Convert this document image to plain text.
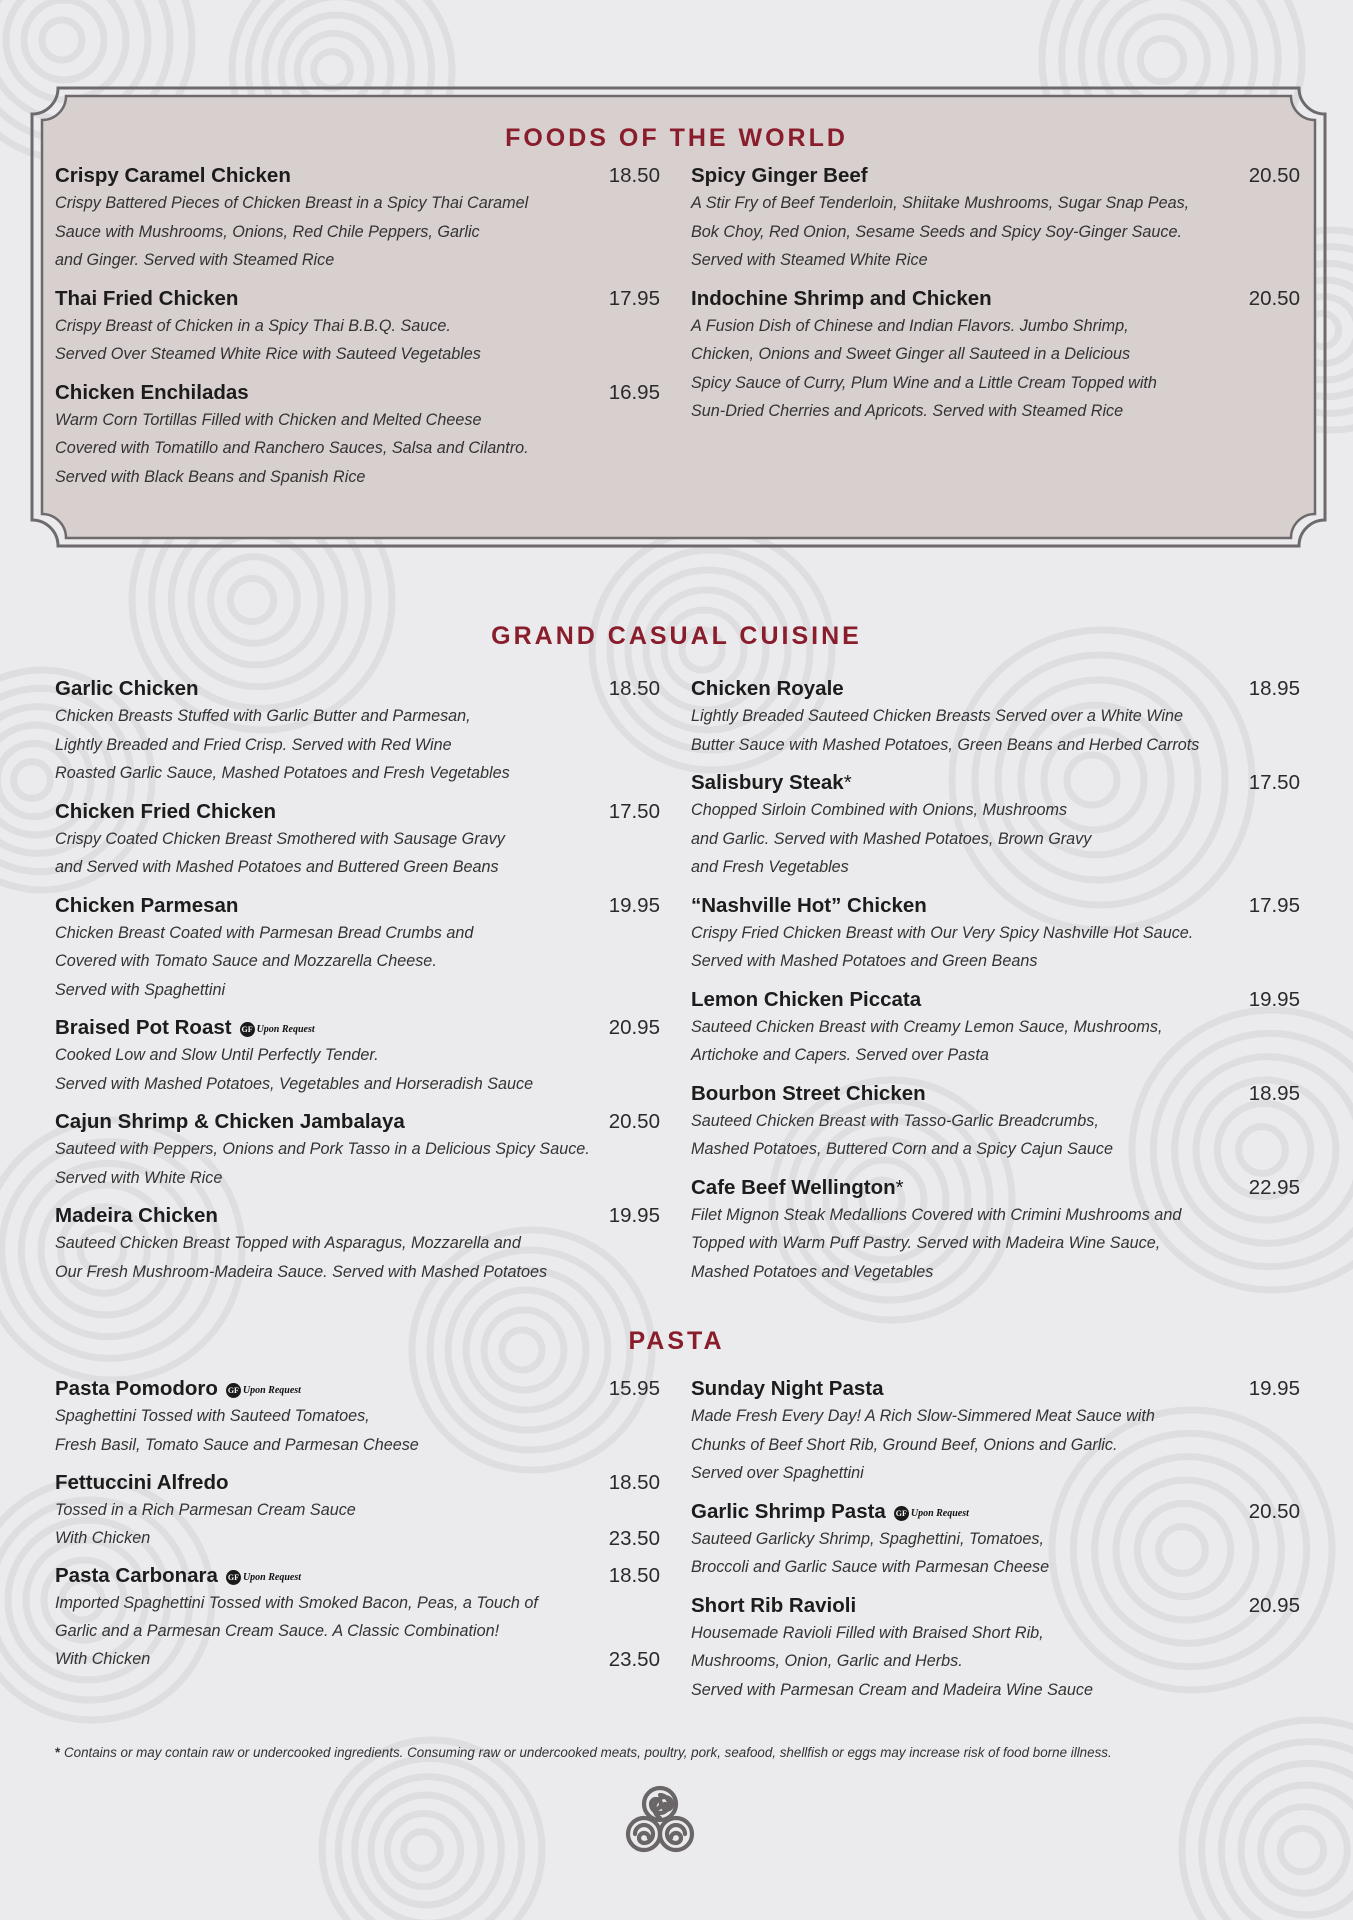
FOODS OF THE WORLD
Crispy Caramel Chicken	18.50
Crispy Battered Pieces of Chicken Breast in a Spicy Thai Caramel
Sauce with Mushrooms, Onions, Red Chile Peppers, Garlic
and Ginger. Served with Steamed Rice
Thai Fried Chicken	17.95
Crispy Breast of Chicken in a Spicy Thai B.B.Q. Sauce.
Served Over Steamed White Rice with Sauteed Vegetables
Chicken Enchiladas	16.95
Warm Corn Tortillas Filled with Chicken and Melted Cheese
Covered with Tomatillo and Ranchero Sauces, Salsa and Cilantro.
Served with Black Beans and Spanish Rice
Spicy Ginger Beef	20.50
A Stir Fry of Beef Tenderloin, Shiitake Mushrooms, Sugar Snap Peas,
Bok Choy, Red Onion, Sesame Seeds and Spicy Soy-Ginger Sauce.
Served with Steamed White Rice
Indochine Shrimp and Chicken	20.50
A Fusion Dish of Chinese and Indian Flavors. Jumbo Shrimp,
Chicken, Onions and Sweet Ginger all Sauteed in a Delicious
Spicy Sauce of Curry, Plum Wine and a Little Cream Topped with
Sun-Dried Cherries and Apricots. Served with Steamed Rice
GRAND CASUAL CUISINE
Garlic Chicken	18.50
Chicken Breasts Stuffed with Garlic Butter and Parmesan,
Lightly Breaded and Fried Crisp. Served with Red Wine
Roasted Garlic Sauce, Mashed Potatoes and Fresh Vegetables
Chicken Fried Chicken	17.50
Crispy Coated Chicken Breast Smothered with Sausage Gravy
and Served with Mashed Potatoes and Buttered Green Beans
Chicken Parmesan	19.95
Chicken Breast Coated with Parmesan Bread Crumbs and
Covered with Tomato Sauce and Mozzarella Cheese.
Served with Spaghettini
Braised Pot Roast GF Upon Request	20.95
Cooked Low and Slow Until Perfectly Tender.
Served with Mashed Potatoes, Vegetables and Horseradish Sauce
Cajun Shrimp & Chicken Jambalaya	20.50
Sauteed with Peppers, Onions and Pork Tasso in a Delicious Spicy Sauce.
Served with White Rice
Madeira Chicken	19.95
Sauteed Chicken Breast Topped with Asparagus, Mozzarella and
Our Fresh Mushroom-Madeira Sauce. Served with Mashed Potatoes
Chicken Royale	18.95
Lightly Breaded Sauteed Chicken Breasts Served over a White Wine
Butter Sauce with Mashed Potatoes, Green Beans and Herbed Carrots
Salisbury Steak*	17.50
Chopped Sirloin Combined with Onions, Mushrooms
and Garlic. Served with Mashed Potatoes, Brown Gravy
and Fresh Vegetables
“Nashville Hot” Chicken	17.95
Crispy Fried Chicken Breast with Our Very Spicy Nashville Hot Sauce.
Served with Mashed Potatoes and Green Beans
Lemon Chicken Piccata	19.95
Sauteed Chicken Breast with Creamy Lemon Sauce, Mushrooms,
Artichoke and Capers. Served over Pasta
Bourbon Street Chicken	18.95
Sauteed Chicken Breast with Tasso-Garlic Breadcrumbs,
Mashed Potatoes, Buttered Corn and a Spicy Cajun Sauce
Cafe Beef Wellington*	22.95
Filet Mignon Steak Medallions Covered with Crimini Mushrooms and
Topped with Warm Puff Pastry. Served with Madeira Wine Sauce,
Mashed Potatoes and Vegetables
PASTA
Pasta Pomodoro GF Upon Request	15.95
Spaghettini Tossed with Sauteed Tomatoes,
Fresh Basil, Tomato Sauce and Parmesan Cheese
Fettuccini Alfredo	18.50
Tossed in a Rich Parmesan Cream Sauce
With Chicken	23.50
Pasta Carbonara GF Upon Request	18.50
Imported Spaghettini Tossed with Smoked Bacon, Peas, a Touch of
Garlic and a Parmesan Cream Sauce. A Classic Combination!
With Chicken	23.50
Sunday Night Pasta	19.95
Made Fresh Every Day! A Rich Slow-Simmered Meat Sauce with
Chunks of Beef Short Rib, Ground Beef, Onions and Garlic.
Served over Spaghettini
Garlic Shrimp Pasta GF Upon Request	20.50
Sauteed Garlicky Shrimp, Spaghettini, Tomatoes,
Broccoli and Garlic Sauce with Parmesan Cheese
Short Rib Ravioli	20.95
Housemade Ravioli Filled with Braised Short Rib,
Mushrooms, Onion, Garlic and Herbs.
Served with Parmesan Cream and Madeira Wine Sauce
* Contains or may contain raw or undercooked ingredients. Consuming raw or undercooked meats, poultry, pork, seafood, shellfish or eggs may increase risk of food borne illness.
